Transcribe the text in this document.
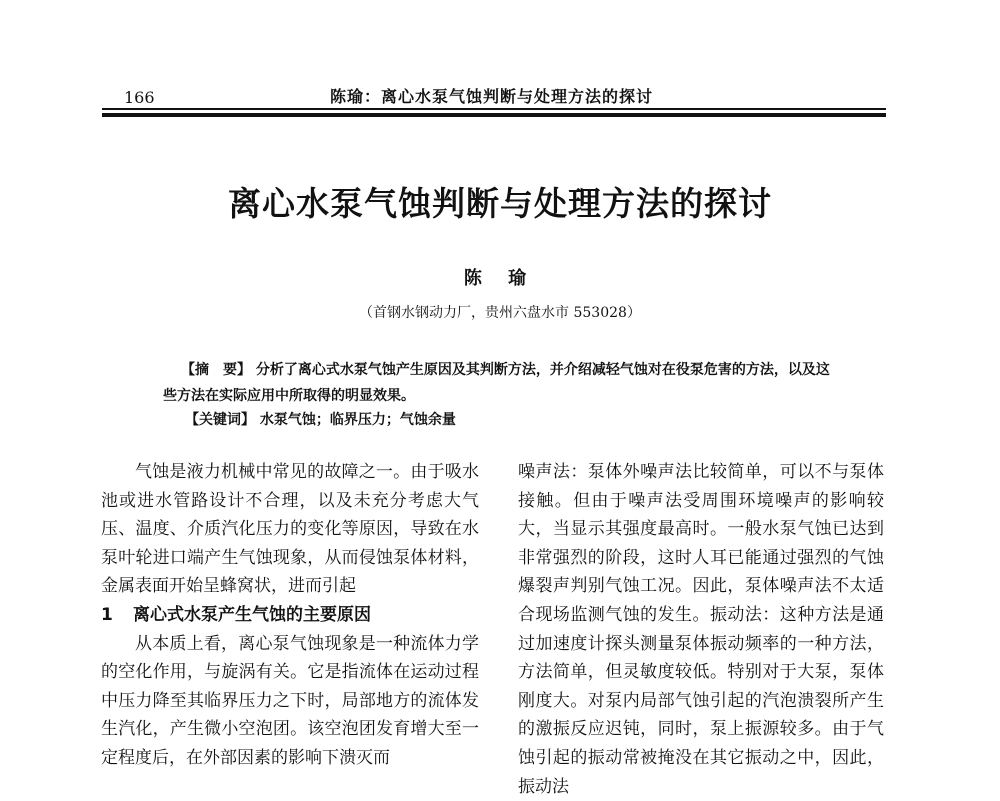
166	陈瑜：离心水泵气蚀判断与处理方法的探讨
离心水泵气蚀判断与处理方法的探讨
陈 瑜
（首钢水钢动力厂，贵州六盘水市 553028）
【摘　要】 分析了离心式水泵气蚀产生原因及其判断方法，并介绍减轻气蚀对在役泵危害的方法，以及这些方法在实际应用中所取得的明显效果。
【关键词】 水泵气蚀；临界压力；气蚀余量

气蚀是液力机械中常见的故障之一。由于吸水池或进水管路设计不合理，以及未充分考虑大气压、温度、介质汽化压力的变化等原因，导致在水泵叶轮进口端产生气蚀现象，从而侵蚀泵体材料，金属表面开始呈蜂窝状，进而引起

1 离心式水泵产生气蚀的主要原因

从本质上看，离心泵气蚀现象是一种流体力学的空化作用，与旋涡有关。它是指流体在运动过程中压力降至其临界压力之下时，局部地方的流体发生汽化，产生微小空泡团。该空泡团发育增大至一定程度后，在外部因素的影响下溃灭而

噪声法：泵体外噪声法比较简单，可以不与泵体接触。但由于噪声法受周围环境噪声的影响较大，当显示其强度最高时。一般水泵气蚀已达到非常强烈的阶段，这时人耳已能通过强烈的气蚀爆裂声判别气蚀工况。因此，泵体噪声法不太适合现场监测气蚀的发生。振动法：这种方法是通过加速度计探头测量泵体振动频率的一种方法，方法简单，但灵敏度较低。特别对于大泵，泵体刚度大。对泵内局部气蚀引起的汽泡溃裂所产生的激振反应迟钝，同时，泵上振源较多。由于气蚀引起的振动常被掩没在其它振动之中，因此，振动法
